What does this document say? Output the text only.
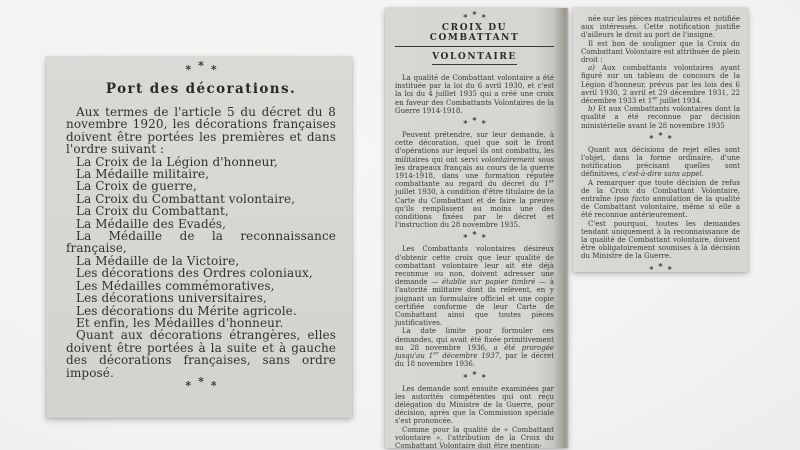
* * *
Port des décorations.

Aux termes de l'article 5 du décret du 8 novembre 1920, les décorations françaises doivent être portées les premières et dans l'ordre suivant :

La Croix de la Légion d'honneur,
La Médaille militaire,
La Croix de guerre,
La Croix du Combattant volontaire,
La Croix du Combattant,
La Médaille des Evadés,
La Médaille de la reconnaissance française,
La Médaille de la Victoire,
Les décorations des Ordres coloniaux,
Les Médailles commémoratives,
Les décorations universitaires,
Les décorations du Mérite agricole.
Et enfin, les Médailles d'honneur.

Quant aux décorations étrangères, elles doivent être portées à la suite et à gauche des décorations françaises, sans ordre imposé.

* * *
* * *
CROIX DU COMBATTANT
VOLONTAIRE

La qualité de Combattant volontaire a été instituée par la loi du 6 avril 1930, et c'est la loi du 4 juillet 1935 qui a créé une croix en faveur des Combattants Volontaires de la Guerre 1914-1918.

* * *

Peuvent prétendre, sur leur demande, à cette décoration, quel que soit le front d'opérations sur lequel ils ont combattu, les militaires qui ont servi volontairement sous les drapeaux français au cours de la guerre 1914-1918, dans une formation réputée combattante au regard du décret du 1er juillet 1930, à condition d'être titulaire de la Carte du Combattant et de faire la preuve qu'ils remplissent au moins une des conditions fixées par le décret et l'instruction du 28 novembre 1935.

* * *

Les Combattants volontaires désireux d'obtenir cette croix que leur qualité de combattant volontaire leur ait été déjà reconnue ou non, doivent adresser une demande — établie sur papier timbré — à l'autorité militaire dont ils relèvent, en y joignant un formulaire officiel et une copie certifiée conforme de leur Carte de Combattant ainsi que toutes pièces justificatives.

La date limite pour formuler ces demandes, qui avait été fixée primitivement au 28 novembre 1936, a été prorogée jusqu'au 1er décembre 1937, par le décret du 18 novembre 1936.

* * *

Les demande sont ensuite examinées par les autorités compétentes qui ont reçu délégation du Ministre de la Guerre, pour décision, après que la Commission spéciale s'est prononcée.

Comme pour la qualité de « Combattant volontaire », l'attribution de la Croix du Combattant Volontaire doit être mention-

née sur les pièces matriculaires et notifiée aux intéressés. Cette notification justifie d'ailleurs le droit au port de l'insigne.

Il est bon de souligner que la Croix du Combattant Volontaire est attribuée de plein droit :

a) Aux combattants volontaires ayant figuré sur un tableau de concours de la Légion d'honneur, prévus par les lois des 6 avril 1930, 2 avril et 29 décembre 1931, 22 décembre 1933 et 1er juillet 1934.

b) Et aux Combattants volontaires dont la qualité a été reconnue par décision ministérielle avant le 28 novembre 1935

* * *

Quant aux décisions de rejet elles sont l'objet, dans la forme ordinaire, d'une notification précisant quelles sont définitives, c'est-à-dire sans appel.

A remarquer que toute décision de refus de la Croix du Combattant Volontaire, entraîne ipso facto annulation de la qualité de Combattant volontaire, même si elle a été reconnue antérieurement.

C'est pourquoi, toutes les demandes tendant uniquement à la reconnaissance de la qualité de Combattant volontaire, doivent être obligatoirement soumises à la décision du Ministre de la Guerre.

* * *
